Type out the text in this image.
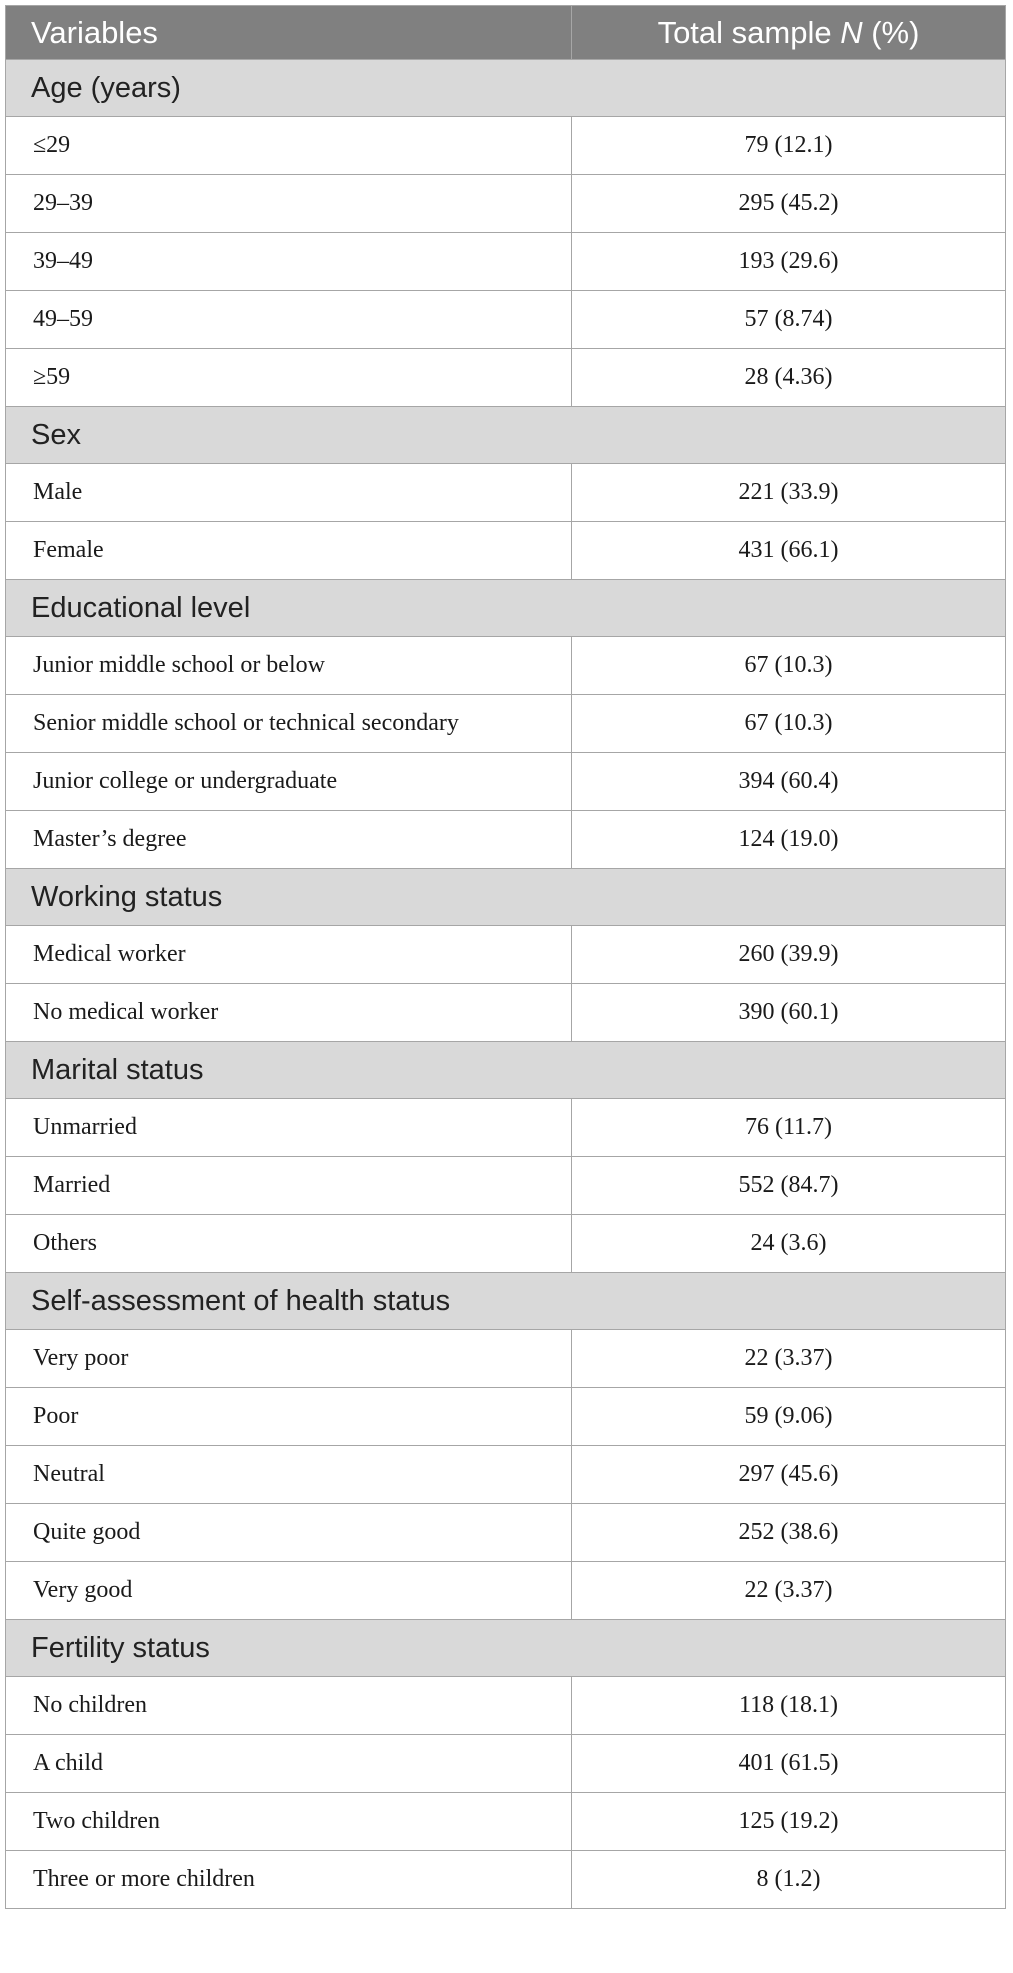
Variables	Total sample N (%)
Age (years)	
≤29	79 (12.1)
29–39	295 (45.2)
39–49	193 (29.6)
49–59	57 (8.74)
≥59	28 (4.36)
Sex	
Male	221 (33.9)
Female	431 (66.1)
Educational level	
Junior middle school or below	67 (10.3)
Senior middle school or technical secondary	67 (10.3)
Junior college or undergraduate	394 (60.4)
Master’s degree	124 (19.0)
Working status	
Medical worker	260 (39.9)
No medical worker	390 (60.1)
Marital status	
Unmarried	76 (11.7)
Married	552 (84.7)
Others	24 (3.6)
Self-assessment of health status	
Very poor	22 (3.37)
Poor	59 (9.06)
Neutral	297 (45.6)
Quite good	252 (38.6)
Very good	22 (3.37)
Fertility status	
No children	118 (18.1)
A child	401 (61.5)
Two children	125 (19.2)
Three or more children	8 (1.2)
